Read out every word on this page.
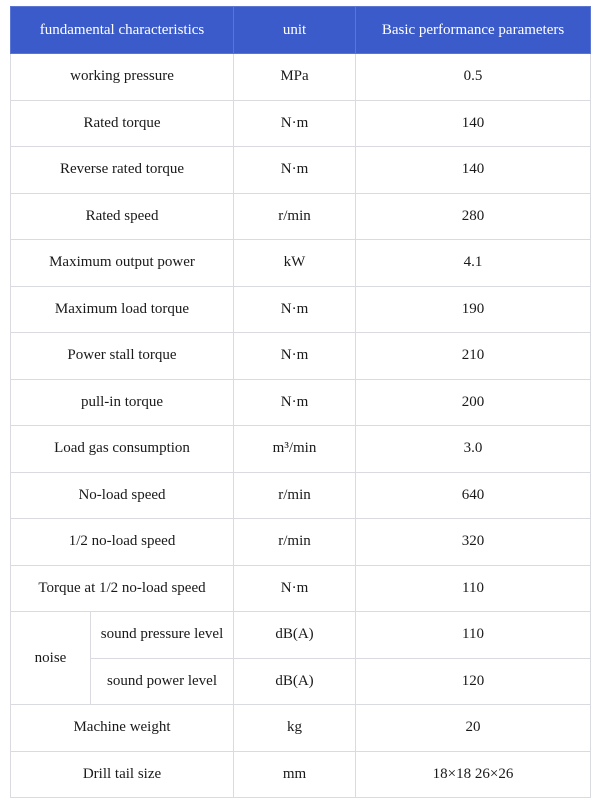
fundamental characteristics		unit	Basic performance parameters
working pressure		MPa	0.5
Rated torque		N·m	140
Reverse rated torque		N·m	140
Rated speed		r/min	280
Maximum output power		kW	4.1
Maximum load torque		N·m	190
Power stall torque		N·m	210
pull-in torque		N·m	200
Load gas consumption		m³/min	3.0
No-load speed		r/min	640
1/2 no-load speed		r/min	320
Torque at 1/2 no-load speed		N·m	110
noise	sound pressure level	dB(A)	110
	sound power level	dB(A)	120
Machine weight		kg	20
Drill tail size		mm	18×18 26×26
